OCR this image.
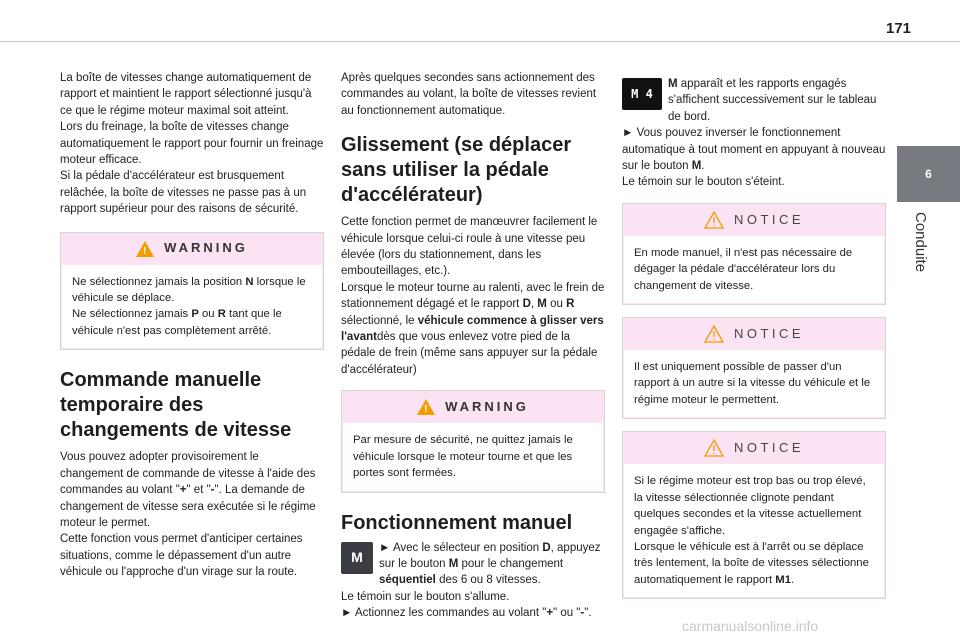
171
6
Conduite

La boîte de vitesses change automatiquement de rapport et maintient le rapport sélectionné jusqu'à ce que le régime moteur maximal soit atteint.
Lors du freinage, la boîte de vitesses change automatiquement le rapport pour fournir un freinage moteur efficace.
Si la pédale d'accélérateur est brusquement relâchée, la boîte de vitesses ne passe pas à un rapport supérieur pour des raisons de sécurité.

!
WARNING
Ne sélectionnez jamais la position N lorsque le véhicule se déplace.
Ne sélectionnez jamais P ou R tant que le véhicule n'est pas complètement arrêté.
Commande manuelle temporaire des changements de vitesse

Vous pouvez adopter provisoirement le changement de commande de vitesse à l'aide des commandes au volant "+" et "-". La demande de changement de vitesse sera exécutée si le régime moteur le permet.
Cette fonction vous permet d'anticiper certaines situations, comme le dépassement d'un autre véhicule ou l'approche d'un virage sur la route.

Après quelques secondes sans actionnement des commandes au volant, la boîte de vitesses revient au fonctionnement automatique.

Glissement (se déplacer sans utiliser la pédale d'accélérateur)

Cette fonction permet de manœuvrer facilement le véhicule lorsque celui-ci roule à une vitesse peu élevée (lors du stationnement, dans les embouteillages, etc.).
Lorsque le moteur tourne au ralenti, avec le frein de stationnement dégagé et le rapport D, M ou R sélectionné, le véhicule commence à glisser vers l'avantdès que vous enlevez votre pied de la pédale de frein (même sans appuyer sur la pédale d'accélérateur)

!
WARNING
Par mesure de sécurité, ne quittez jamais le véhicule lorsque le moteur tourne et que les portes sont fermées.
Fonctionnement manuel
M
► Avec le sélecteur en position D, appuyez sur le bouton M pour le changement séquentiel des 6 ou 8 vitesses.
Le témoin sur le bouton s'allume.
► Actionnez les commandes au volant "+" ou "-".
M 4
M apparaît et les rapports engagés s'affichent successivement sur le tableau de bord.
► Vous pouvez inverser le fonctionnement automatique à tout moment en appuyant à nouveau sur le bouton M.
Le témoin sur le bouton s'éteint.
NOTICE
En mode manuel, il n'est pas nécessaire de dégager la pédale d'accélérateur lors du changement de vitesse.
NOTICE
Il est uniquement possible de passer d'un rapport à un autre si la vitesse du véhicule et le régime moteur le permettent.
NOTICE
Si le régime moteur est trop bas ou trop élevé, la vitesse sélectionnée clignote pendant quelques secondes et la vitesse actuellement engagée s'affiche.
Lorsque le véhicule est à l'arrêt ou se déplace très lentement, la boîte de vitesses sélectionne automatiquement le rapport M1.
carmanualsonline.info
